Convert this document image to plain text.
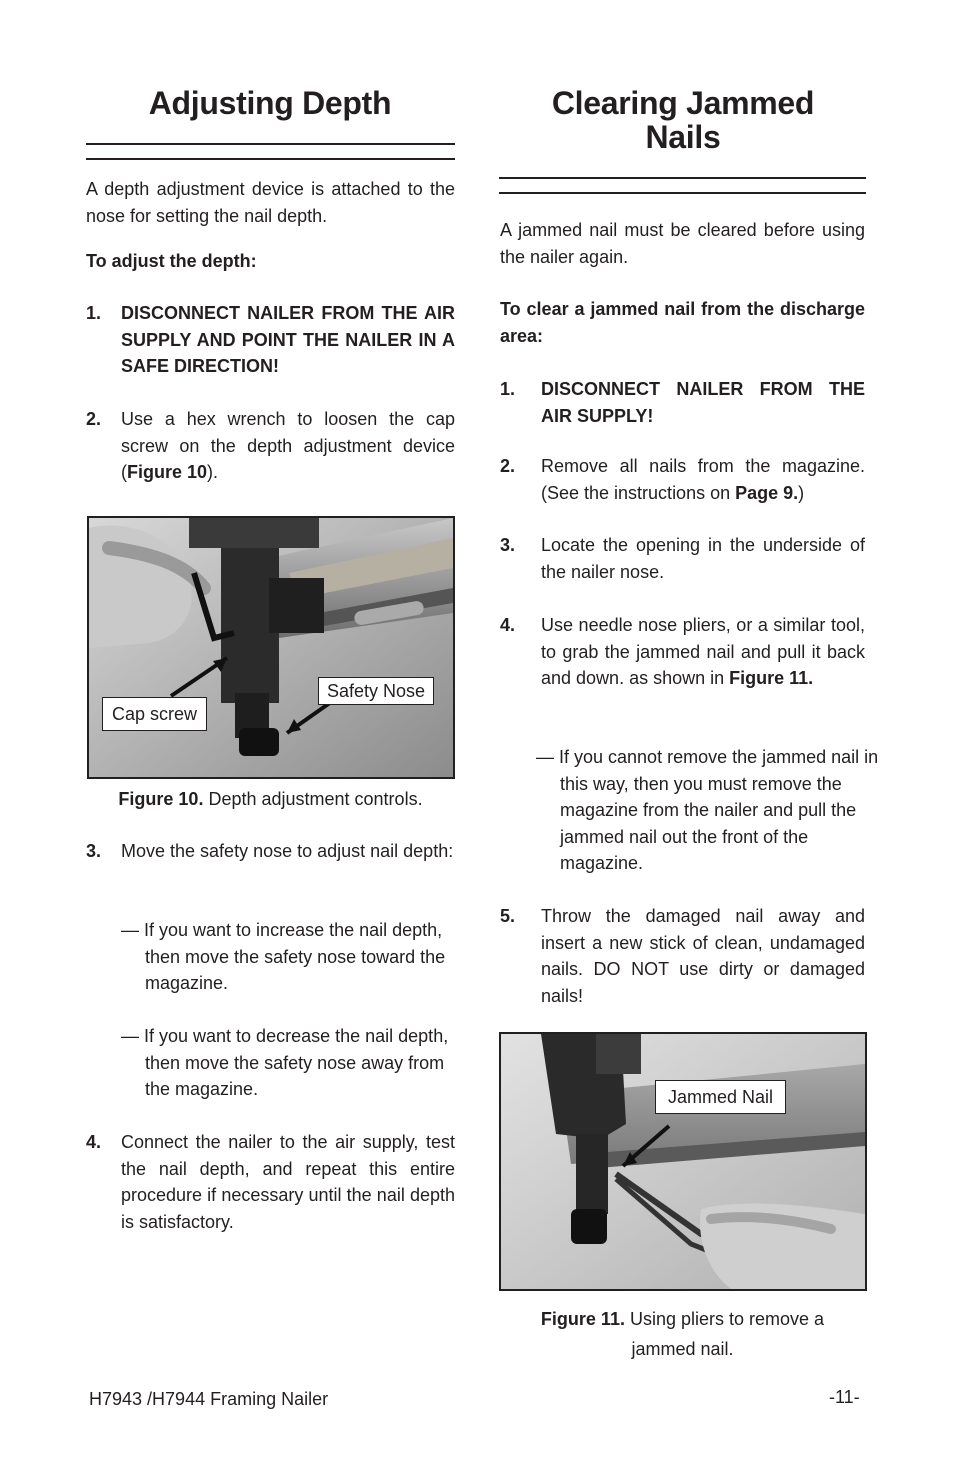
Adjusting Depth
A depth adjustment device is attached to the nose for setting the nail depth.
To adjust the depth:
1. DISCONNECT NAILER FROM THE AIR SUPPLY AND POINT THE NAILER IN A SAFE DIRECTION!
2. Use a hex wrench to loosen the cap screw on the depth adjustment device (Figure 10).
Cap screw
Safety Nose
Figure 10. Depth adjustment controls.
3. Move the safety nose to adjust nail depth:
— If you want to increase the nail depth, then move the safety nose toward the magazine.
— If you want to decrease the nail depth, then move the safety nose away from the magazine.
4. Connect the nailer to the air supply, test the nail depth, and repeat this entire procedure if necessary until the nail depth is satisfactory.
Clearing Jammed Nails
A jammed nail must be cleared before using the nailer again.
To clear a jammed nail from the discharge area:
1. DISCONNECT NAILER FROM THE AIR SUPPLY!
2. Remove all nails from the magazine. (See the instructions on Page 9.)
3. Locate the opening in the underside of the nailer nose.
4. Use needle nose pliers, or a similar tool, to grab the jammed nail and pull it back and down. as shown in Figure 11.
— If you cannot remove the jammed nail in this way, then you must remove the magazine from the nailer and pull the jammed nail out the front of the magazine.
5. Throw the damaged nail away and insert a new stick of clean, undamaged nails. DO NOT use dirty or damaged nails!
Jammed Nail
Figure 11. Using pliers to remove a
jammed nail.
H7943 /H7944 Framing Nailer	-11-
